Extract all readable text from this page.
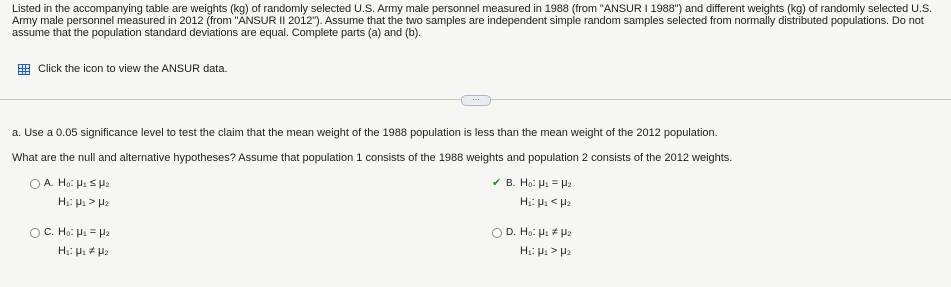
Listed in the accompanying table are weights (kg) of randomly selected U.S. Army male personnel measured in 1988 (from "ANSUR I 1988") and different weights (kg) of randomly selected U.S.
Army male personnel measured in 2012 (from "ANSUR II 2012"). Assume that the two samples are independent simple random samples selected from normally distributed populations. Do not
assume that the population standard deviations are equal. Complete parts (a) and (b).
Click the icon to view the ANSUR data.
···
a. Use a 0.05 significance level to test the claim that the mean weight of the 1988 population is less than the mean weight of the 2012 population.
What are the null and alternative hypotheses? Assume that population 1 consists of the 1988 weights and population 2 consists of the 2012 weights.
A. H₀: μ₁ ≤ μ₂
H₁: μ₁ > μ₂
✔ B. H₀: μ₁ = μ₂
H₁: μ₁ < μ₂
C. H₀: μ₁ = μ₂
H₁: μ₁ ≠ μ₂
D. H₀: μ₁ ≠ μ₂
H₁: μ₁ > μ₂
